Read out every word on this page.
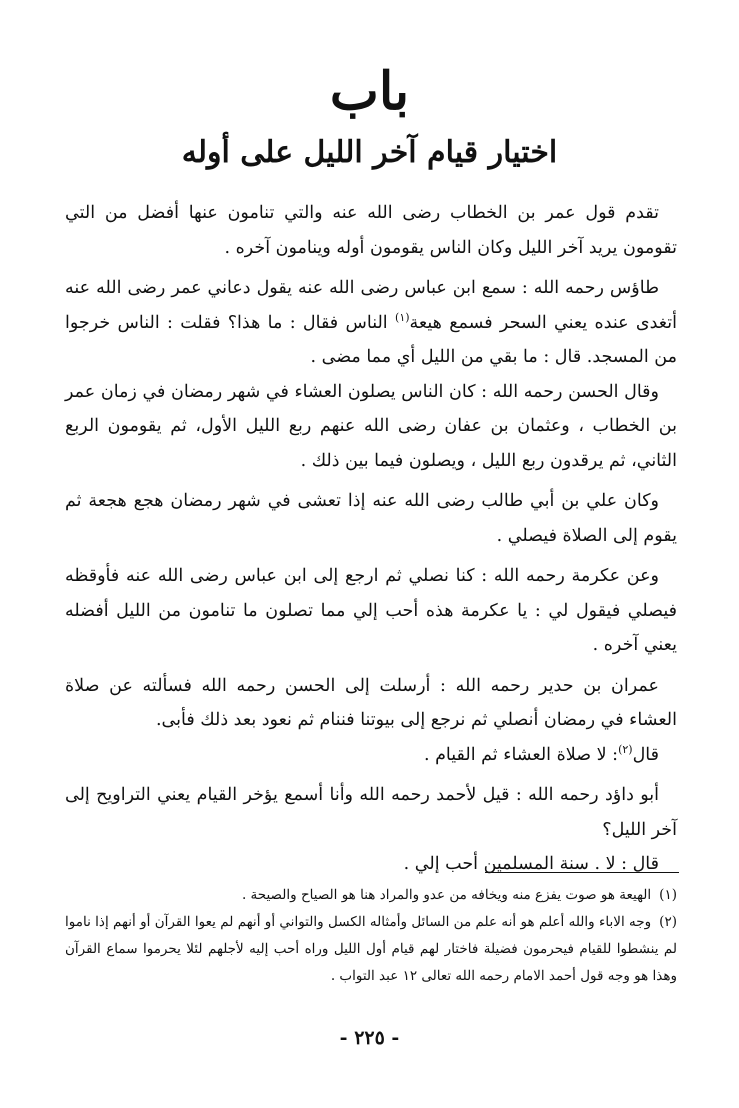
باب
اختيار قيام آخر الليل على أوله

تقدم قول عمر بن الخطاب رضى الله عنه والتي تنامون عنها أفضل من التي تقومون يريد آخر الليل وكان الناس يقومون أوله وينامون آخره .

طاؤس رحمه الله : سمع ابن عباس رضى الله عنه يقول دعاني عمر رضى الله عنه أتغدى عنده يعني السحر فسمع هيعة$^{(١)}$ الناس فقال : ما هذا؟ فقلت : الناس خرجوا من المسجد. قال : ما بقي من الليل أي مما مضى .

وقال الحسن رحمه الله : كان الناس يصلون العشاء في شهر رمضان في زمان عمر بن الخطاب ، وعثمان بن عفان رضى الله عنهم ربع الليل الأول، ثم يقومون الربع الثاني، ثم يرقدون ربع الليل ، ويصلون فيما بين ذلك .

وكان علي بن أبي طالب رضى الله عنه إذا تعشى في شهر رمضان هجع هجعة ثم يقوم إلى الصلاة فيصلي .

وعن عكرمة رحمه الله : كنا نصلي ثم ارجع إلى ابن عباس رضى الله عنه فأوقظه فيصلي فيقول لي : يا عكرمة هذه أحب إلي مما تصلون ما تنامون من الليل أفضله يعني آخره .

عمران بن حدير رحمه الله : أرسلت إلى الحسن رحمه الله فسألته عن صلاة العشاء في رمضان أنصلي ثم نرجع إلى بيوتنا فننام ثم نعود بعد ذلك فأبى.

قال$^{(٢)}$: لا صلاة العشاء ثم القيام .

أبو داؤد رحمه الله : قيل لأحمد رحمه الله وأنا أسمع يؤخر القيام يعني التراويح إلى آخر الليل؟

قال : لا . سنة المسلمين أحب إلي .

(١)الهيعة هو صوت يفزع منه ويخافه من عدو والمراد هنا هو الصياح والصيحة .

(٢)وجه الاباء والله أعلم هو أنه علم من السائل وأمثاله الكسل والتواني أو أنهم لم يعوا القرآن أو أنهم إذا ناموا لم ينشطوا للقيام فيحرمون فضيلة فاختار لهم قيام أول الليل وراه أحب إليه لأجلهم لئلا يحرموا سماع القرآن وهذا هو وجه قول أحمد الامام رحمه الله تعالى ١٢ عبد التواب .

- ٢٢٥ -
